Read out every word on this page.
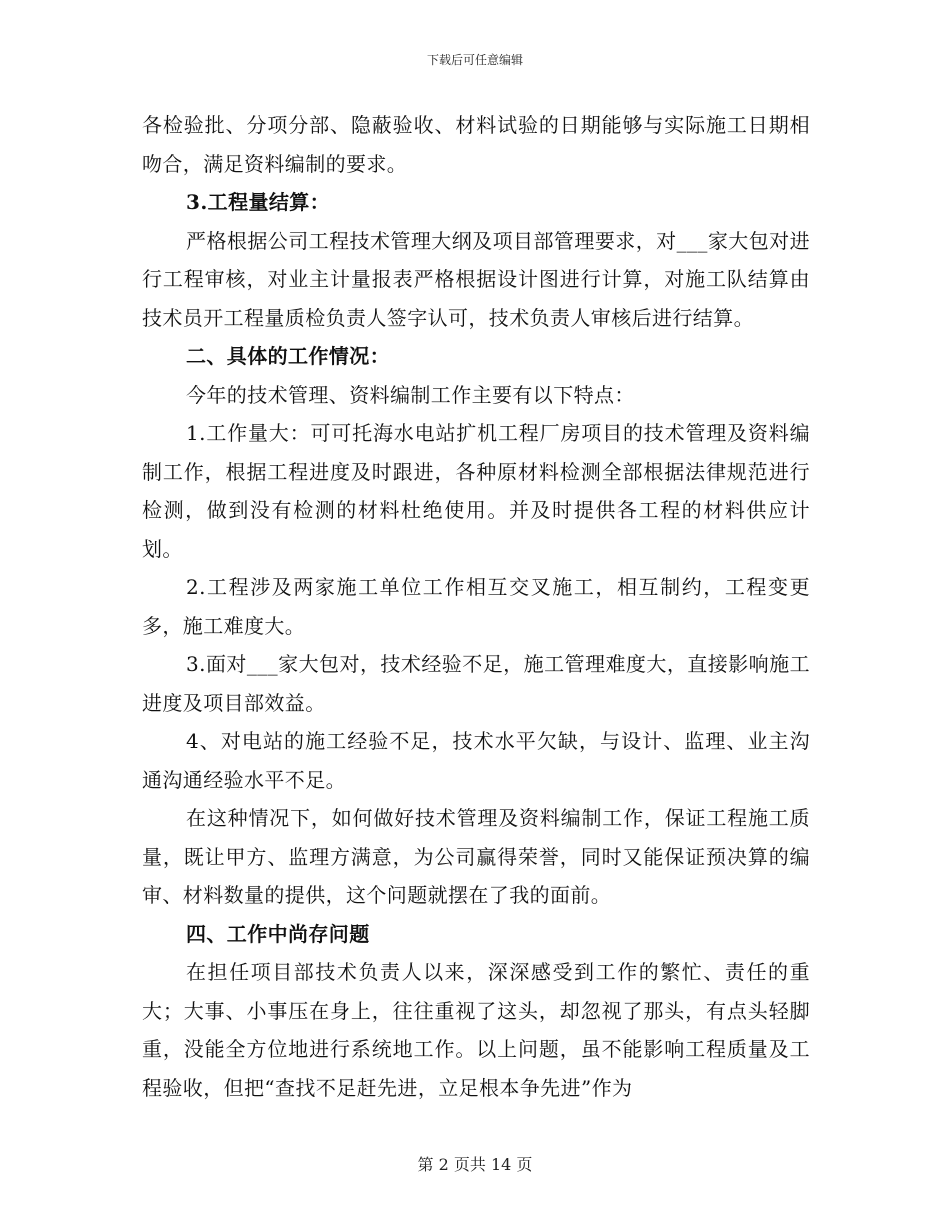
下载后可任意编辑

各检验批、分项分部、隐蔽验收、材料试验的日期能够与实际施工日期相吻合，满足资料编制的要求。

3.工程量结算：

严格根据公司工程技术管理大纲及项目部管理要求，对___家大包对进行工程审核，对业主计量报表严格根据设计图进行计算，对施工队结算由技术员开工程量质检负责人签字认可，技术负责人审核后进行结算。

二、具体的工作情况：

今年的技术管理、资料编制工作主要有以下特点：

1.工作量大：可可托海水电站扩机工程厂房项目的技术管理及资料编制工作，根据工程进度及时跟进，各种原材料检测全部根据法律规范进行检测，做到没有检测的材料杜绝使用。并及时提供各工程的材料供应计划。

2.工程涉及两家施工单位工作相互交叉施工，相互制约，工程变更多，施工难度大。

3.面对___家大包对，技术经验不足，施工管理难度大，直接影响施工进度及项目部效益。

4、对电站的施工经验不足，技术水平欠缺，与设计、监理、业主沟通沟通经验水平不足。

在这种情况下，如何做好技术管理及资料编制工作，保证工程施工质量，既让甲方、监理方满意，为公司赢得荣誉，同时又能保证预决算的编审、材料数量的提供，这个问题就摆在了我的面前。

四、工作中尚存问题

在担任项目部技术负责人以来，深深感受到工作的繁忙、责任的重大；大事、小事压在身上，往往重视了这头，却忽视了那头，有点头轻脚重，没能全方位地进行系统地工作。以上问题，虽不能影响工程质量及工程验收，但把“查找不足赶先进，立足根本争先进”作为

第 2 页共 14 页
